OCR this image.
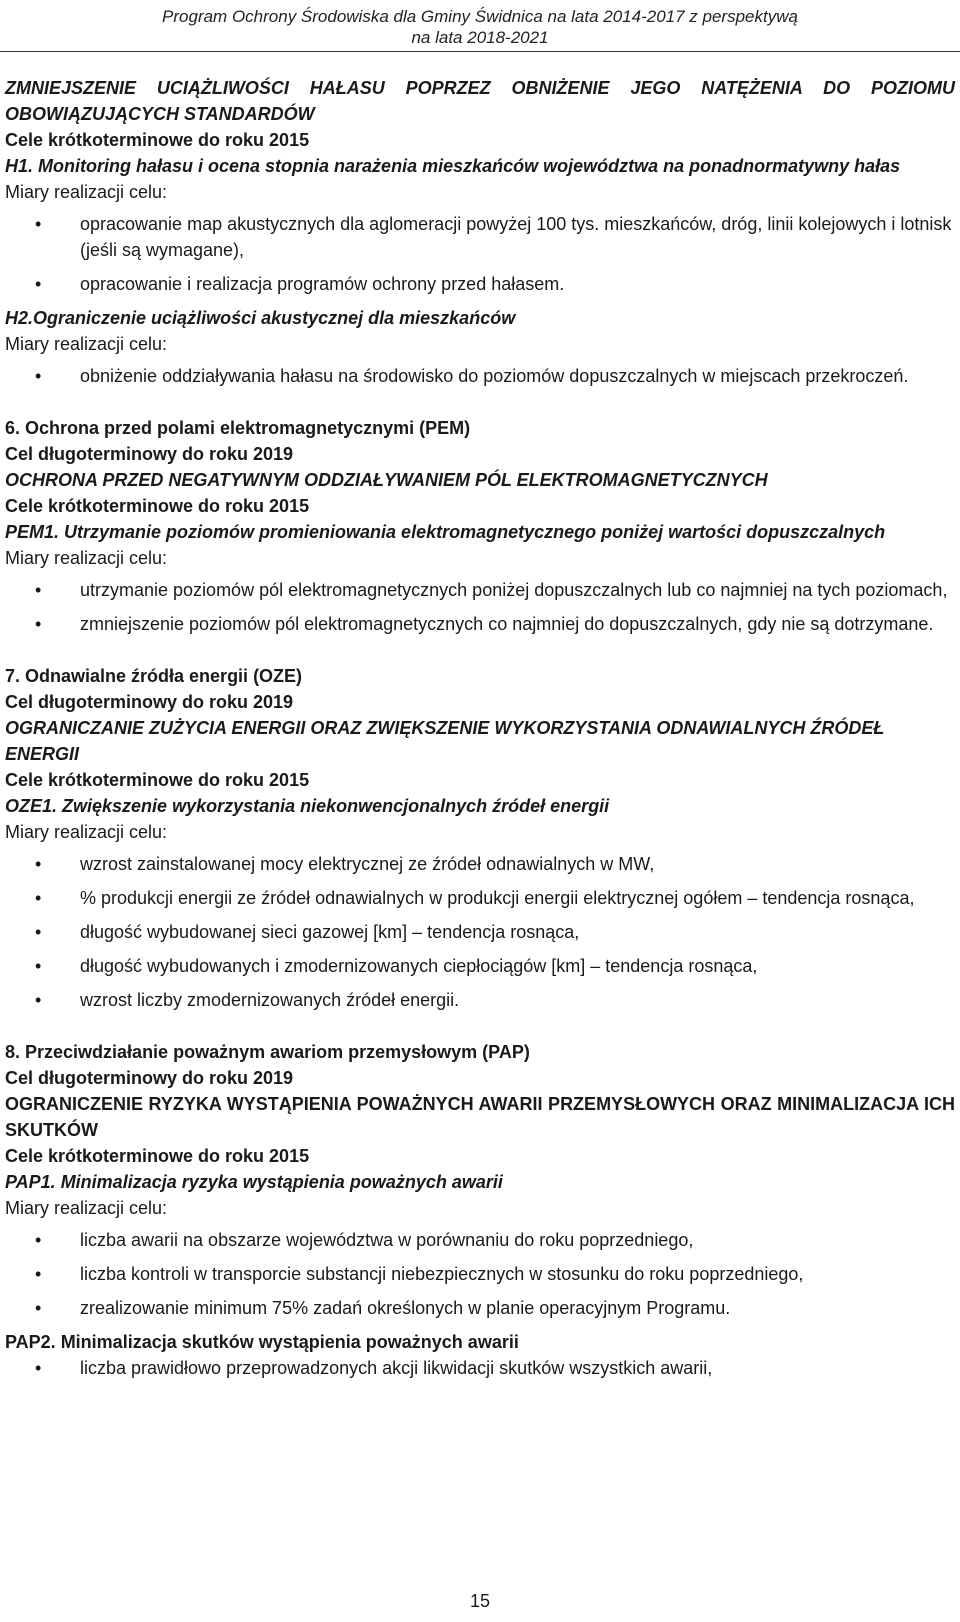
Program Ochrony Środowiska dla Gminy Świdnica na lata 2014-2017 z perspektywą
na lata 2018-2021

ZMNIEJSZENIE UCIĄŻLIWOŚCI HAŁASU POPRZEZ OBNIŻENIE JEGO NATĘŻENIA DO POZIOMU OBOWIĄZUJĄCYCH STANDARDÓW

Cele krótkoterminowe do roku 2015

H1. Monitoring hałasu i ocena stopnia narażenia mieszkańców województwa na ponadnormatywny hałas

Miary realizacji celu:

• opracowanie map akustycznych dla aglomeracji powyżej 100 tys. mieszkańców, dróg, linii kolejowych i lotnisk (jeśli są wymagane),
• opracowanie i realizacja programów ochrony przed hałasem.

H2.Ograniczenie uciążliwości akustycznej dla mieszkańców

Miary realizacji celu:

• obniżenie oddziaływania hałasu na środowisko do poziomów dopuszczalnych w miejscach przekroczeń.

6. Ochrona przed polami elektromagnetycznymi (PEM)

Cel długoterminowy do roku 2019

OCHRONA PRZED NEGATYWNYM ODDZIAŁYWANIEM PÓL ELEKTROMAGNETYCZNYCH

Cele krótkoterminowe do roku 2015

PEM1. Utrzymanie poziomów promieniowania elektromagnetycznego poniżej wartości dopuszczalnych

Miary realizacji celu:

• utrzymanie poziomów pól elektromagnetycznych poniżej dopuszczalnych lub co najmniej na tych poziomach,
• zmniejszenie poziomów pól elektromagnetycznych co najmniej do dopuszczalnych, gdy nie są dotrzymane.

7. Odnawialne źródła energii (OZE)

Cel długoterminowy do roku 2019

OGRANICZANIE ZUŻYCIA ENERGII ORAZ ZWIĘKSZENIE WYKORZYSTANIA ODNAWIALNYCH ŹRÓDEŁ ENERGII

Cele krótkoterminowe do roku 2015

OZE1. Zwiększenie wykorzystania niekonwencjonalnych źródeł energii

Miary realizacji celu:

• wzrost zainstalowanej mocy elektrycznej ze źródeł odnawialnych w MW,
• % produkcji energii ze źródeł odnawialnych w produkcji energii elektrycznej ogółem – tendencja rosnąca,
• długość wybudowanej sieci gazowej [km] – tendencja rosnąca,
• długość wybudowanych i zmodernizowanych ciepłociągów [km] – tendencja rosnąca,
• wzrost liczby zmodernizowanych źródeł energii.

8. Przeciwdziałanie poważnym awariom przemysłowym (PAP)

Cel długoterminowy do roku 2019

OGRANICZENIE RYZYKA WYSTĄPIENIA POWAŻNYCH AWARII PRZEMYSŁOWYCH ORAZ MINIMALIZACJA ICH SKUTKÓW

Cele krótkoterminowe do roku 2015

PAP1. Minimalizacja ryzyka wystąpienia poważnych awarii

Miary realizacji celu:

• liczba awarii na obszarze województwa w porównaniu do roku poprzedniego,
• liczba kontroli w transporcie substancji niebezpiecznych w stosunku do roku poprzedniego,
• zrealizowanie minimum 75% zadań określonych w planie operacyjnym Programu.

PAP2. Minimalizacja skutków wystąpienia poważnych awarii

• liczba prawidłowo przeprowadzonych akcji likwidacji skutków wszystkich awarii,
15
